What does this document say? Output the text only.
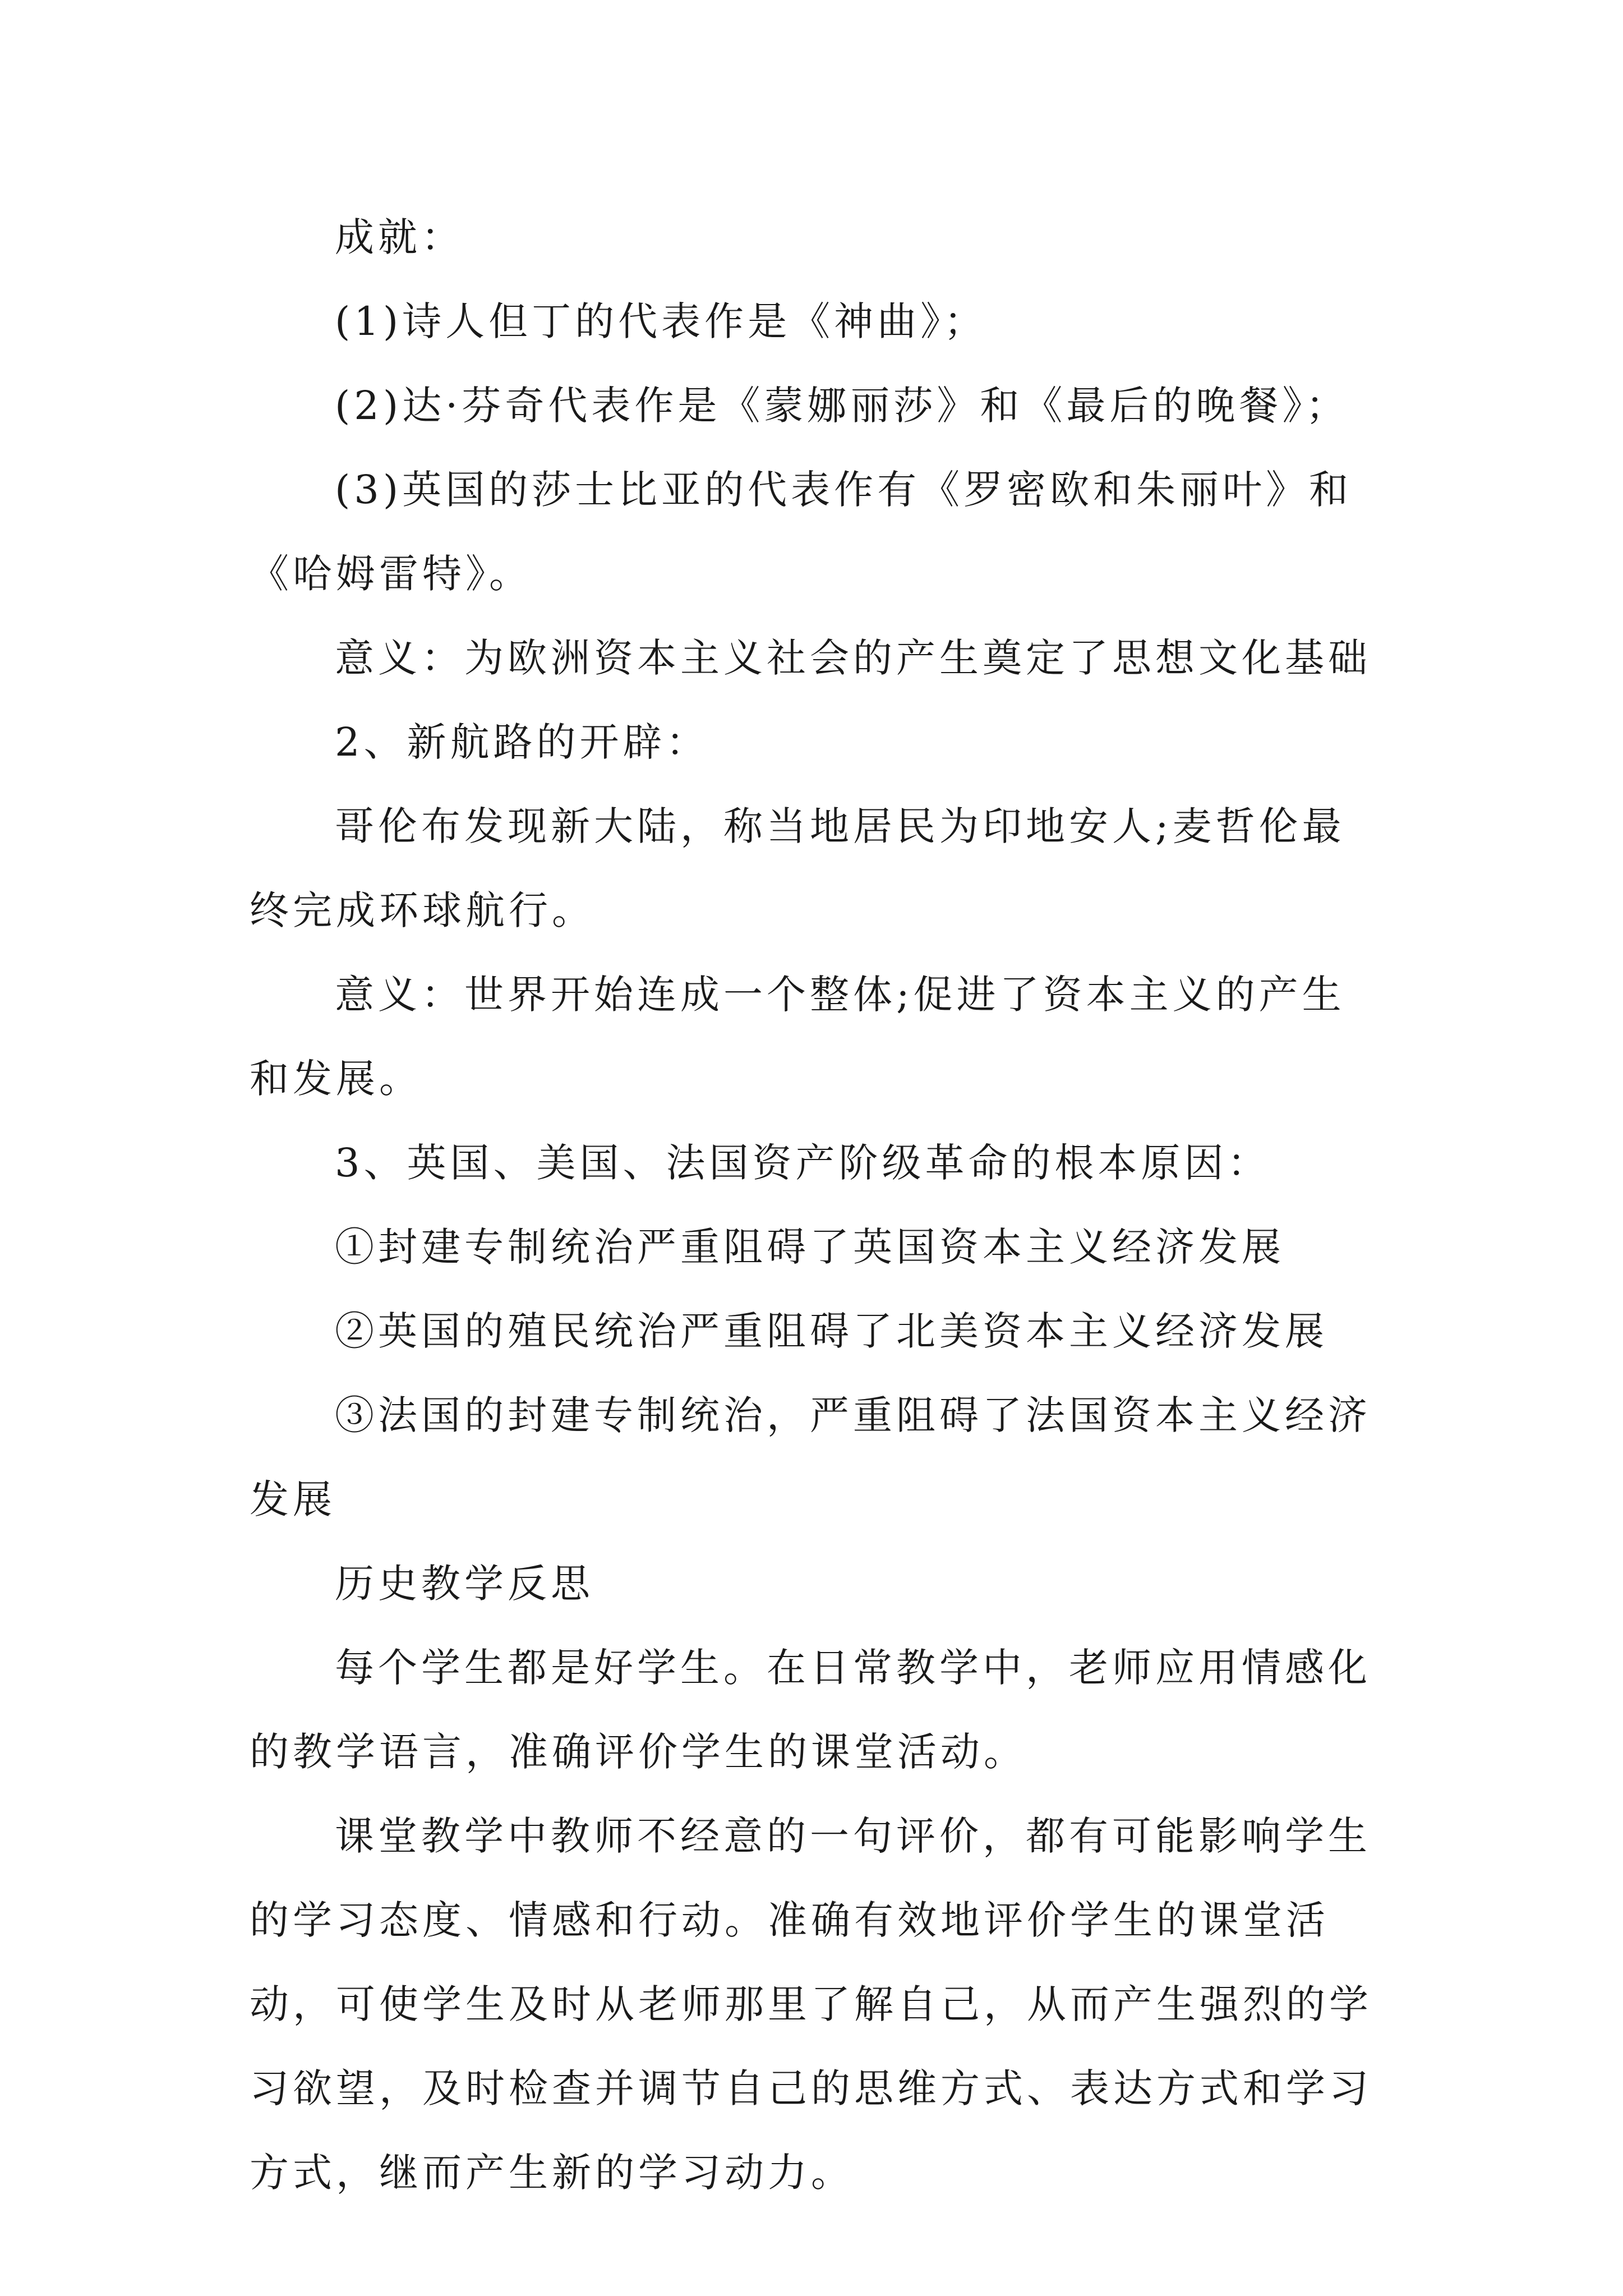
成就：

(1)诗人但丁的代表作是《神曲》；

(2)达·芬奇代表作是《蒙娜丽莎》和《最后的晚餐》；

(3)英国的莎士比亚的代表作有《罗密欧和朱丽叶》和《哈姆雷特》。

意义：为欧洲资本主义社会的产生奠定了思想文化基础

2、新航路的开辟：

哥伦布发现新大陆，称当地居民为印地安人;麦哲伦最终完成环球航行。

意义：世界开始连成一个整体;促进了资本主义的产生和发展。

3、英国、美国、法国资产阶级革命的根本原因：

①封建专制统治严重阻碍了英国资本主义经济发展

②英国的殖民统治严重阻碍了北美资本主义经济发展

③法国的封建专制统治，严重阻碍了法国资本主义经济发展

历史教学反思

每个学生都是好学生。在日常教学中，老师应用情感化的教学语言，准确评价学生的课堂活动。

课堂教学中教师不经意的一句评价，都有可能影响学生的学习态度、情感和行动。准确有效地评价学生的课堂活动，可使学生及时从老师那里了解自己，从而产生强烈的学习欲望，及时检查并调节自己的思维方式、表达方式和学习方式，继而产生新的学习动力。
